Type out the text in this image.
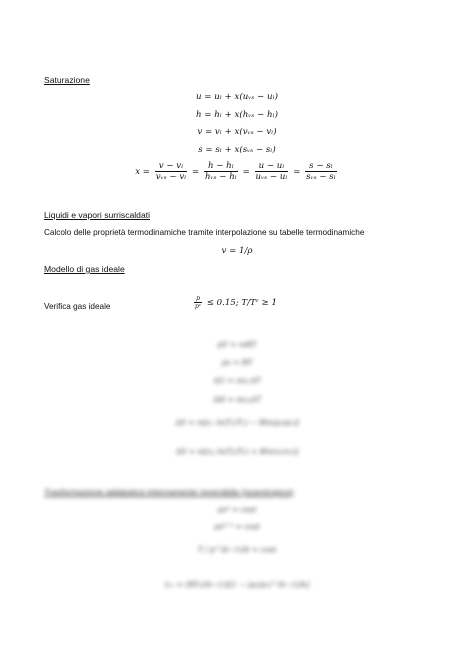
Saturazione
u = uₗ + x(uᵥₛ − uₗ)
h = hₗ + x(hᵥₛ − hₗ)
v = vₗ + x(vᵥₛ − vₗ)
s = sₗ + x(sᵥₛ − sₗ)
$x = \frac{\text{v − vₗ}}{\text{vᵥₛ − vₗ}} = \frac{\text{h − hₗ}}{\text{hᵥₛ − hₗ}} = \frac{\text{u − uₗ}}{\text{uᵥₛ − uₗ}} = \frac{\text{s − sₗ}}{\text{sᵥₛ − sₗ}}$
Liquidi e vapori surriscaldati
Calcolo delle proprietà termodinamiche tramite interpolazione su tabelle termodinamiche
v = 1/ρ
Modello di gas ideale
Verifica gas ideale	$\frac{p}{\text{pᶜ}} \le 0.15$; T/Tᶜ ≥ 1
pV = mRT
pv = RT
ΔU = mcᵥΔT
ΔH = mcₚΔT
ΔS = m[cᵥ ln(T₂/T₁) − Rln(p₂/p₁)]
ΔS = m[cₚ ln(T₂/T₁) + Rln(v₂/v₁)]
Trasformazione adiabatica internamente reversibile (isoentropica)
pvᵏ = cost
pvᵏ⁻¹ = cost
T / p^(k−1)/k = cost
Lₗᵣ = (RT₁/(k−1))[1 − (p₂/p₁)^(k−1)/k]
